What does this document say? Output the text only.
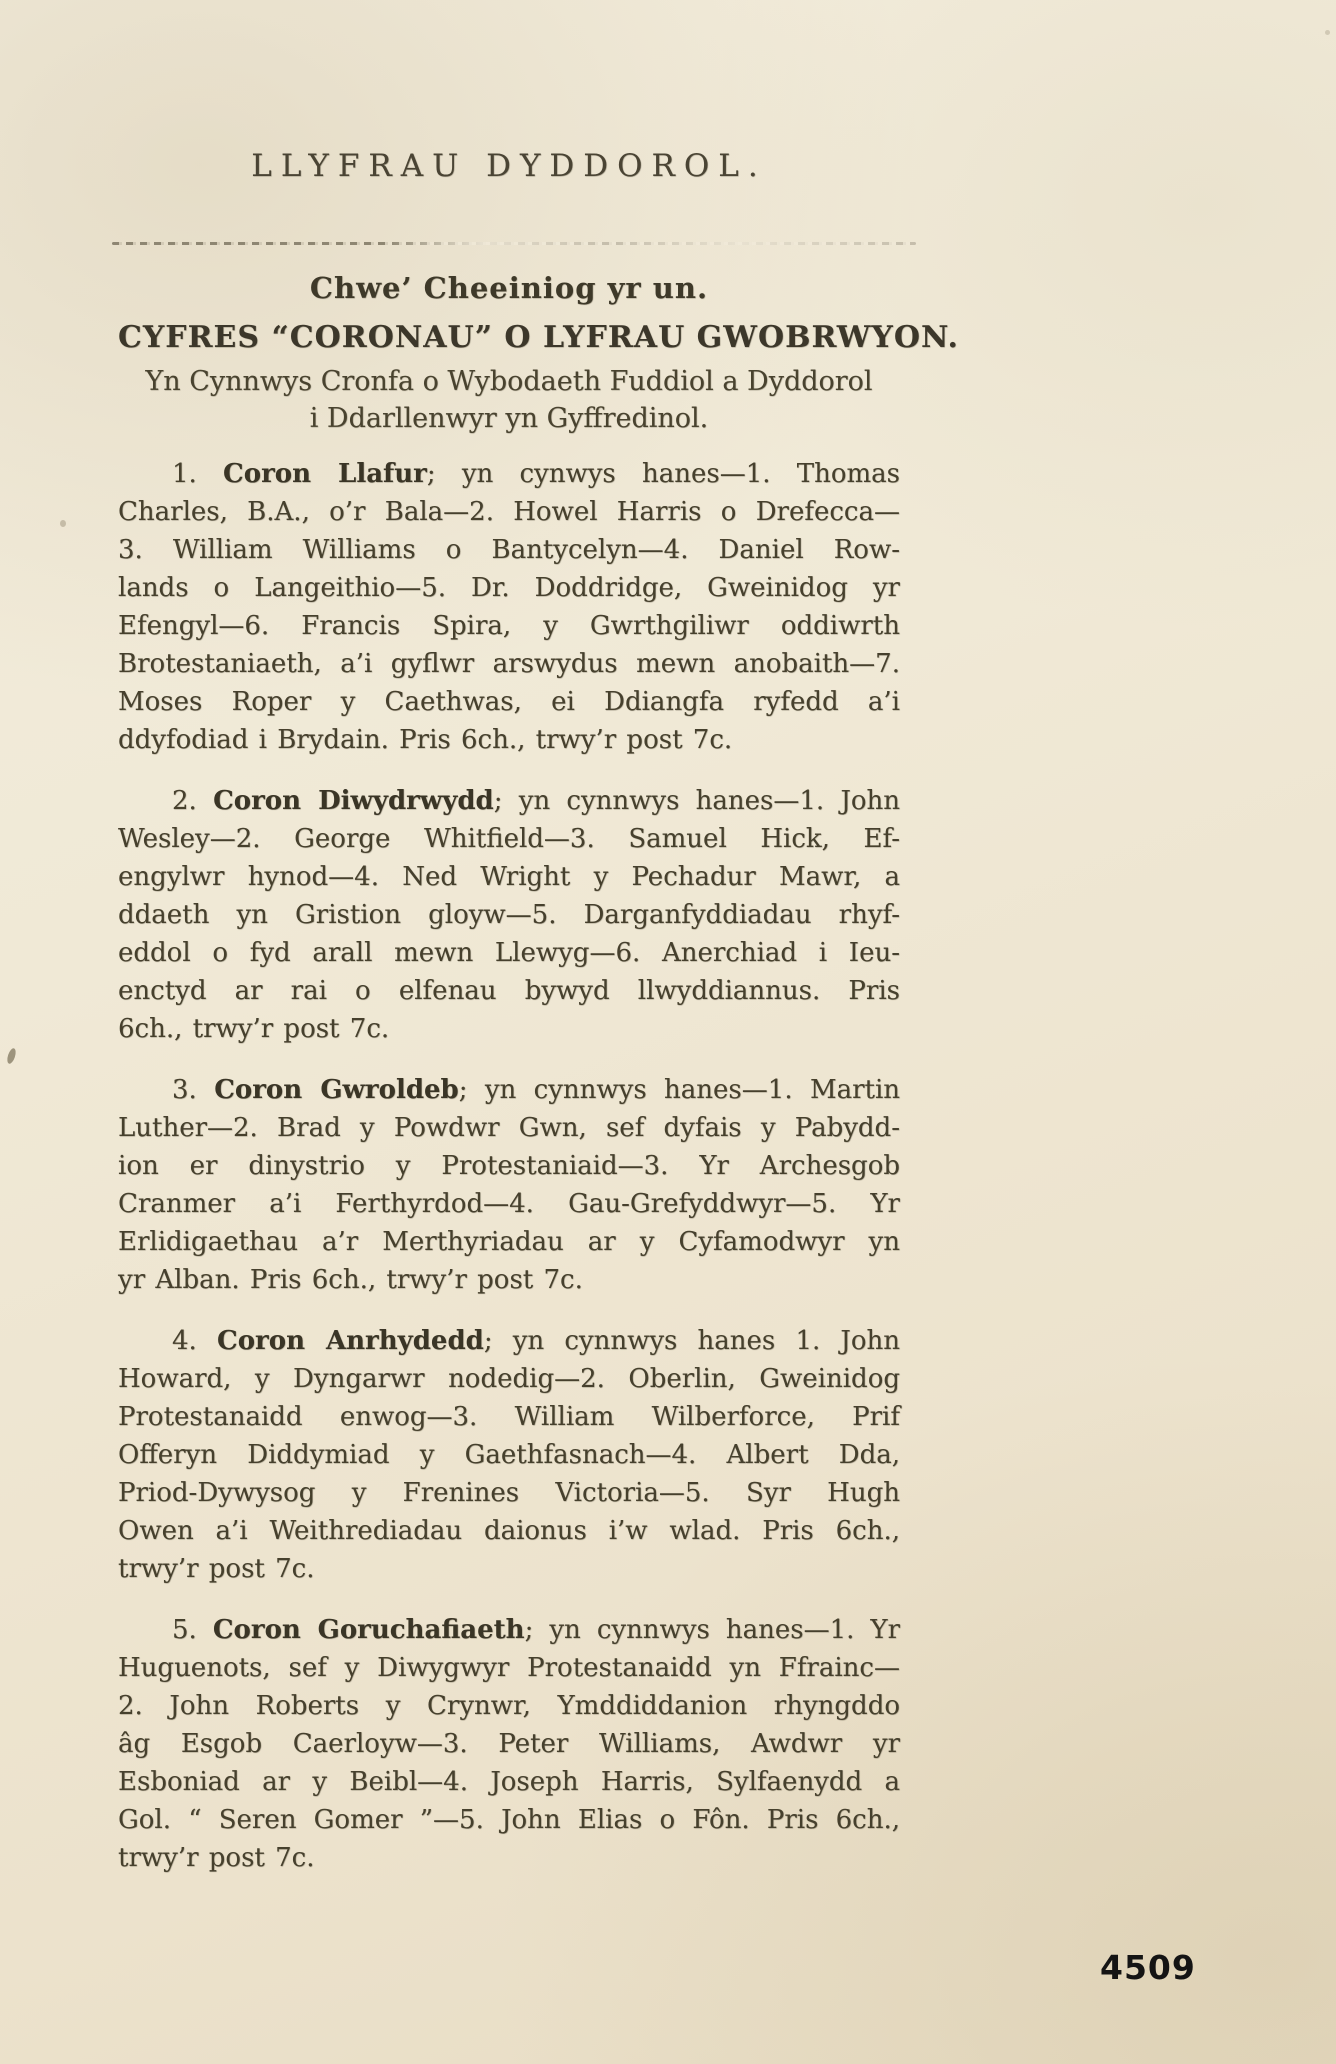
LLYFRAU DYDDOROL.
Chwe’ Cheeiniog yr un.
CYFRES “CORONAU” O LYFRAU GWOBRWYON.
Yn Cynnwys Cronfa o Wybodaeth Fuddiol a Dyddorol
i Ddarllenwyr yn Gyffredinol.
1. Coron Llafur; yn cynwys hanes—1. Thomas
Charles, B.A., o’r Bala—2. Howel Harris o Drefecca—
3. William Williams o Bantycelyn—4. Daniel Row-
lands o Langeithio—5. Dr. Doddridge, Gweinidog yr
Efengyl—6. Francis Spira, y Gwrthgiliwr oddiwrth
Brotestaniaeth, a’i gyflwr arswydus mewn anobaith—7.
Moses Roper y Caethwas, ei Ddiangfa ryfedd a’i
ddyfodiad i Brydain. Pris 6ch., trwy’r post 7c.
2. Coron Diwydrwydd; yn cynnwys hanes—1. John
Wesley—2. George Whitfield—3. Samuel Hick, Ef-
engylwr hynod—4. Ned Wright y Pechadur Mawr, a
ddaeth yn Gristion gloyw—5. Darganfyddiadau rhyf-
eddol o fyd arall mewn Llewyg—6. Anerchiad i Ieu-
enctyd ar rai o elfenau bywyd llwyddiannus. Pris
6ch., trwy’r post 7c.
3. Coron Gwroldeb; yn cynnwys hanes—1. Martin
Luther—2. Brad y Powdwr Gwn, sef dyfais y Pabydd-
ion er dinystrio y Protestaniaid—3. Yr Archesgob
Cranmer a’i Ferthyrdod—4. Gau-Grefyddwyr—5. Yr
Erlidigaethau a’r Merthyriadau ar y Cyfamodwyr yn
yr Alban. Pris 6ch., trwy’r post 7c.
4. Coron Anrhydedd; yn cynnwys hanes 1. John
Howard, y Dyngarwr nodedig—2. Oberlin, Gweinidog
Protestanaidd enwog—3. William Wilberforce, Prif
Offeryn Diddymiad y Gaethfasnach—4. Albert Dda,
Priod-Dywysog y Frenines Victoria—5. Syr Hugh
Owen a’i Weithrediadau daionus i’w wlad. Pris 6ch.,
trwy’r post 7c.
5. Coron Goruchafiaeth; yn cynnwys hanes—1. Yr
Huguenots, sef y Diwygwyr Protestanaidd yn Ffrainc—
2. John Roberts y Crynwr, Ymddiddanion rhyngddo
âg Esgob Caerloyw—3. Peter Williams, Awdwr yr
Esboniad ar y Beibl—4. Joseph Harris, Sylfaenydd a
Gol. “ Seren Gomer ”—5. John Elias o Fôn. Pris 6ch.,
trwy’r post 7c.
4509
